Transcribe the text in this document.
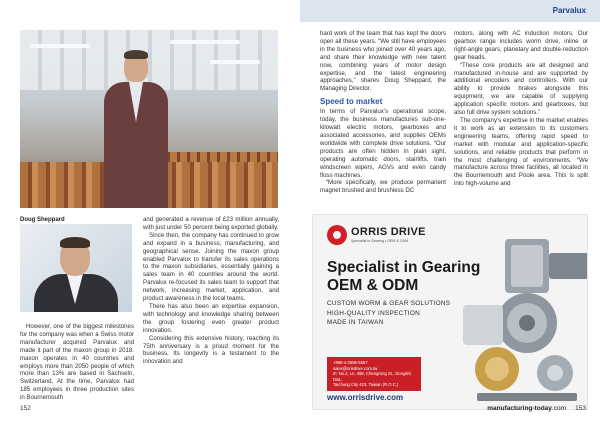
Doug Sheppard

However, one of the biggest milestones for the company was when a Swiss motor manufacturer acquired Parvalux and made it part of the maxon group in 2018. maxon operates in 40 countries and employs more than 2050 people of which more than 13% are based in Sachseln, Switzerland. At the time, Parvalux had 185 employees in three production sites in Bournemouth

and generated a revenue of £23 million annually, with just under 50 percent being exported globally.

Since then, the company has continued to grow and expand in a business, manufacturing, and geographical sense. Joining the maxon group enabled Parvalux to transfer its sales operations to the maxon subsidiaries, essentially gaining a sales team in 40 countries around the world. Parvalux re-focused its sales team to support that network, increasing market, application, and product awareness in the local teams.

There has also been an expertise expansion, with technology and knowledge sharing between the group fostering even greater product innovation.

Considering this extensive history, reaching its 75th anniversary is a proud moment for the business. Its longevity is a testament to the innovation and

152
Parvalux

hard work of the team that has kept the doors open all these years. “We still have employees in the business who joined over 40 years ago, and share their knowledge with new talent now, combining years of motor design expertise, and the latest engineering approaches,” shares Doug Sheppard, the Managing Director.

Speed to market

In terms of Parvalux’s operational scope, today, the business manufactures sub-one-kilowatt electric motors, gearboxes and associated accessories, and supplies OEMs worldwide with complete drive solutions. “Our products are often hidden in plain sight, operating automatic doors, stairlifts, train windscreen wipers, AGVs and even candy floss machines.

“More specifically, we produce permanent magnet brushed and brushless DC

motors, along with AC induction motors. Our gearbox range includes worm drive, inline or right-angle gears, planetary and double-reduction gear heads.

“These core products are all designed and manufactured in-house and are supported by additional encoders and controllers. With our ability to provide brakes alongside this equipment, we are capable of supplying application specific motors and gearboxes, but also full drive system solutions.”

The company’s expertise in the market enables it to work as an extension to its customers engineering teams, offering rapid speed to market with modular and application-specific solutions, and reliable products that perform in the most challenging of environments. “We manufacture across three facilities, all located in the Bournemouth and Poole area. This is split into high-volume and

ORRIS DRIVE
Specialist in Gearing • OEM & ODM
Specialist in Gearing
OEM & ODM
CUSTOM WORM & GEAR SOLUTIONS
HIGH-QUALITY INSPECTION
MADE IN TAIWAN
+886-4-2586-5557
sales@orisdrive.com.tw
ıF, No.2, Ln. 398, Chengrong St., Dongshi Dist.,
Taichung City 423, Taiwan (R.O.C.)
www.orrisdrive.com
153
manufacturing-today.com
